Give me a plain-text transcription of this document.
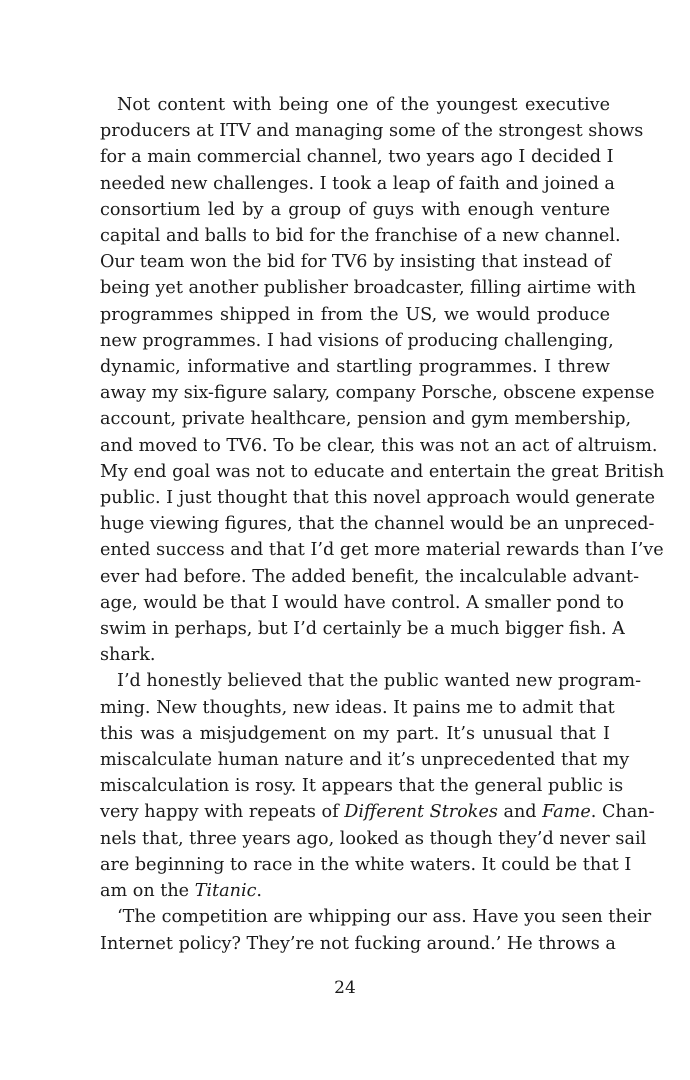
Not content with being one of the youngest executive
producers at ITV and managing some of the strongest shows
for a main commercial channel, two years ago I decided I
needed new challenges. I took a leap of faith and joined a
consortium led by a group of guys with enough venture
capital and balls to bid for the franchise of a new channel.
Our team won the bid for TV6 by insisting that instead of
being yet another publisher broadcaster, filling airtime with
programmes shipped in from the US, we would produce
new programmes. I had visions of producing challenging,
dynamic, informative and startling programmes. I threw
away my six-figure salary, company Porsche, obscene expense
account, private healthcare, pension and gym membership,
and moved to TV6. To be clear, this was not an act of altruism.
My end goal was not to educate and entertain the great British
public. I just thought that this novel approach would generate
huge viewing figures, that the channel would be an unpreced-
ented success and that I’d get more material rewards than I’ve
ever had before. The added benefit, the incalculable advant-
age, would be that I would have control. A smaller pond to
swim in perhaps, but I’d certainly be a much bigger fish. A
shark.
I’d honestly believed that the public wanted new program-
ming. New thoughts, new ideas. It pains me to admit that
this was a misjudgement on my part. It’s unusual that I
miscalculate human nature and it’s unprecedented that my
miscalculation is rosy. It appears that the general public is
very happy with repeats of Different Strokes and Fame. Chan-
nels that, three years ago, looked as though they’d never sail
are beginning to race in the white waters. It could be that I
am on the Titanic.
‘The competition are whipping our ass. Have you seen their
Internet policy? They’re not fucking around.’ He throws a
24
